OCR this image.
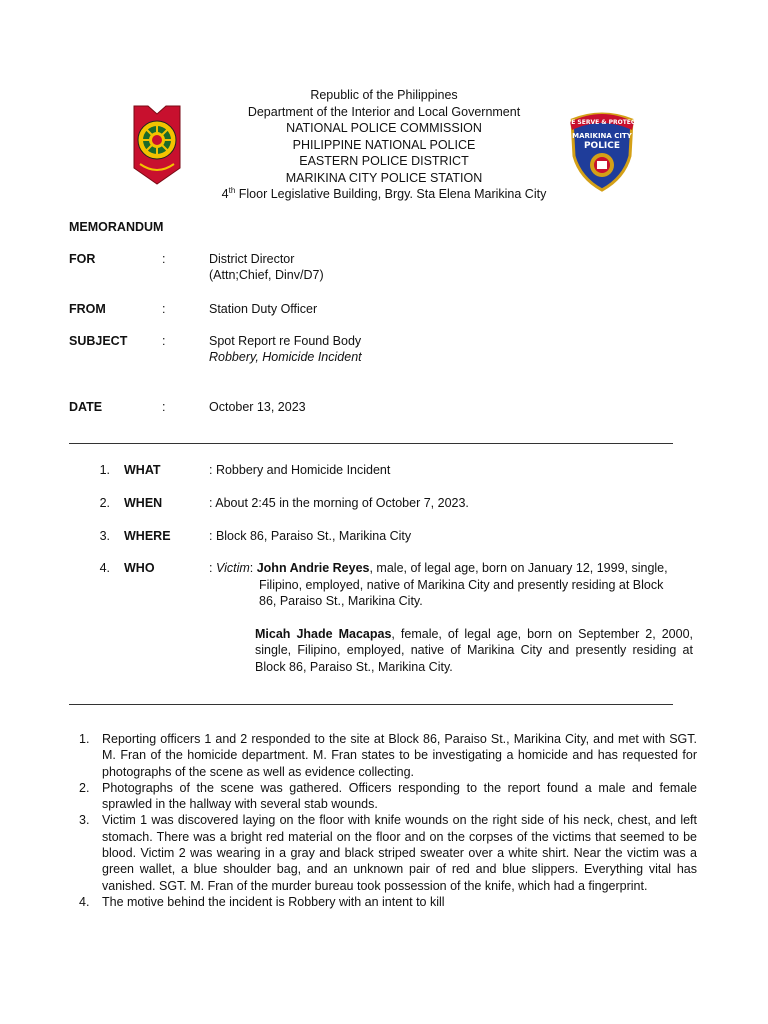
WE SERVE & PROTECT
MARIKINA CITY
POLICE
Republic of the Philippines
Department of the Interior and Local Government
NATIONAL POLICE COMMISSION
PHILIPPINE NATIONAL POLICE
EASTERN POLICE DISTRICT
MARIKINA CITY POLICE STATION
4th Floor Legislative Building, Brgy. Sta Elena Marikina City
MEMORANDUM
FOR	:	District Director
(Attn;Chief, Dinv/D7)
FROM	:	Station Duty Officer
SUBJECT	:	Spot Report re Found Body
Robbery, Homicide Incident
DATE	:	October 13, 2023
1. WHAT	: Robbery and Homicide Incident
2. WHEN	: About 2:45 in the morning of October 7, 2023.
3. WHERE	: Block 86, Paraiso St., Marikina City
4. WHO	: Victim: John Andrie Reyes, male, of legal age, born on January 12, 1999, single,
Filipino, employed, native of Marikina City and presently residing at Block
86, Paraiso St., Marikina City.
Micah Jhade Macapas, female, of legal age, born on September 2, 2000, single, Filipino, employed, native of Marikina City and presently residing at Block 86, Paraiso St., Marikina City.
1. Reporting officers 1 and 2 responded to the site at Block 86, Paraiso St., Marikina City, and met with SGT. M. Fran of the homicide department. M. Fran states to be investigating a homicide and has requested for photographs of the scene as well as evidence collecting.
2. Photographs of the scene was gathered. Officers responding to the report found a male and female sprawled in the hallway with several stab wounds.
3. Victim 1 was discovered laying on the floor with knife wounds on the right side of his neck, chest, and left stomach. There was a bright red material on the floor and on the corpses of the victims that seemed to be blood. Victim 2 was wearing in a gray and black striped sweater over a white shirt. Near the victim was a green wallet, a blue shoulder bag, and an unknown pair of red and blue slippers. Everything vital has vanished. SGT. M. Fran of the murder bureau took possession of the knife, which had a fingerprint.
4. The motive behind the incident is Robbery with an intent to kill
